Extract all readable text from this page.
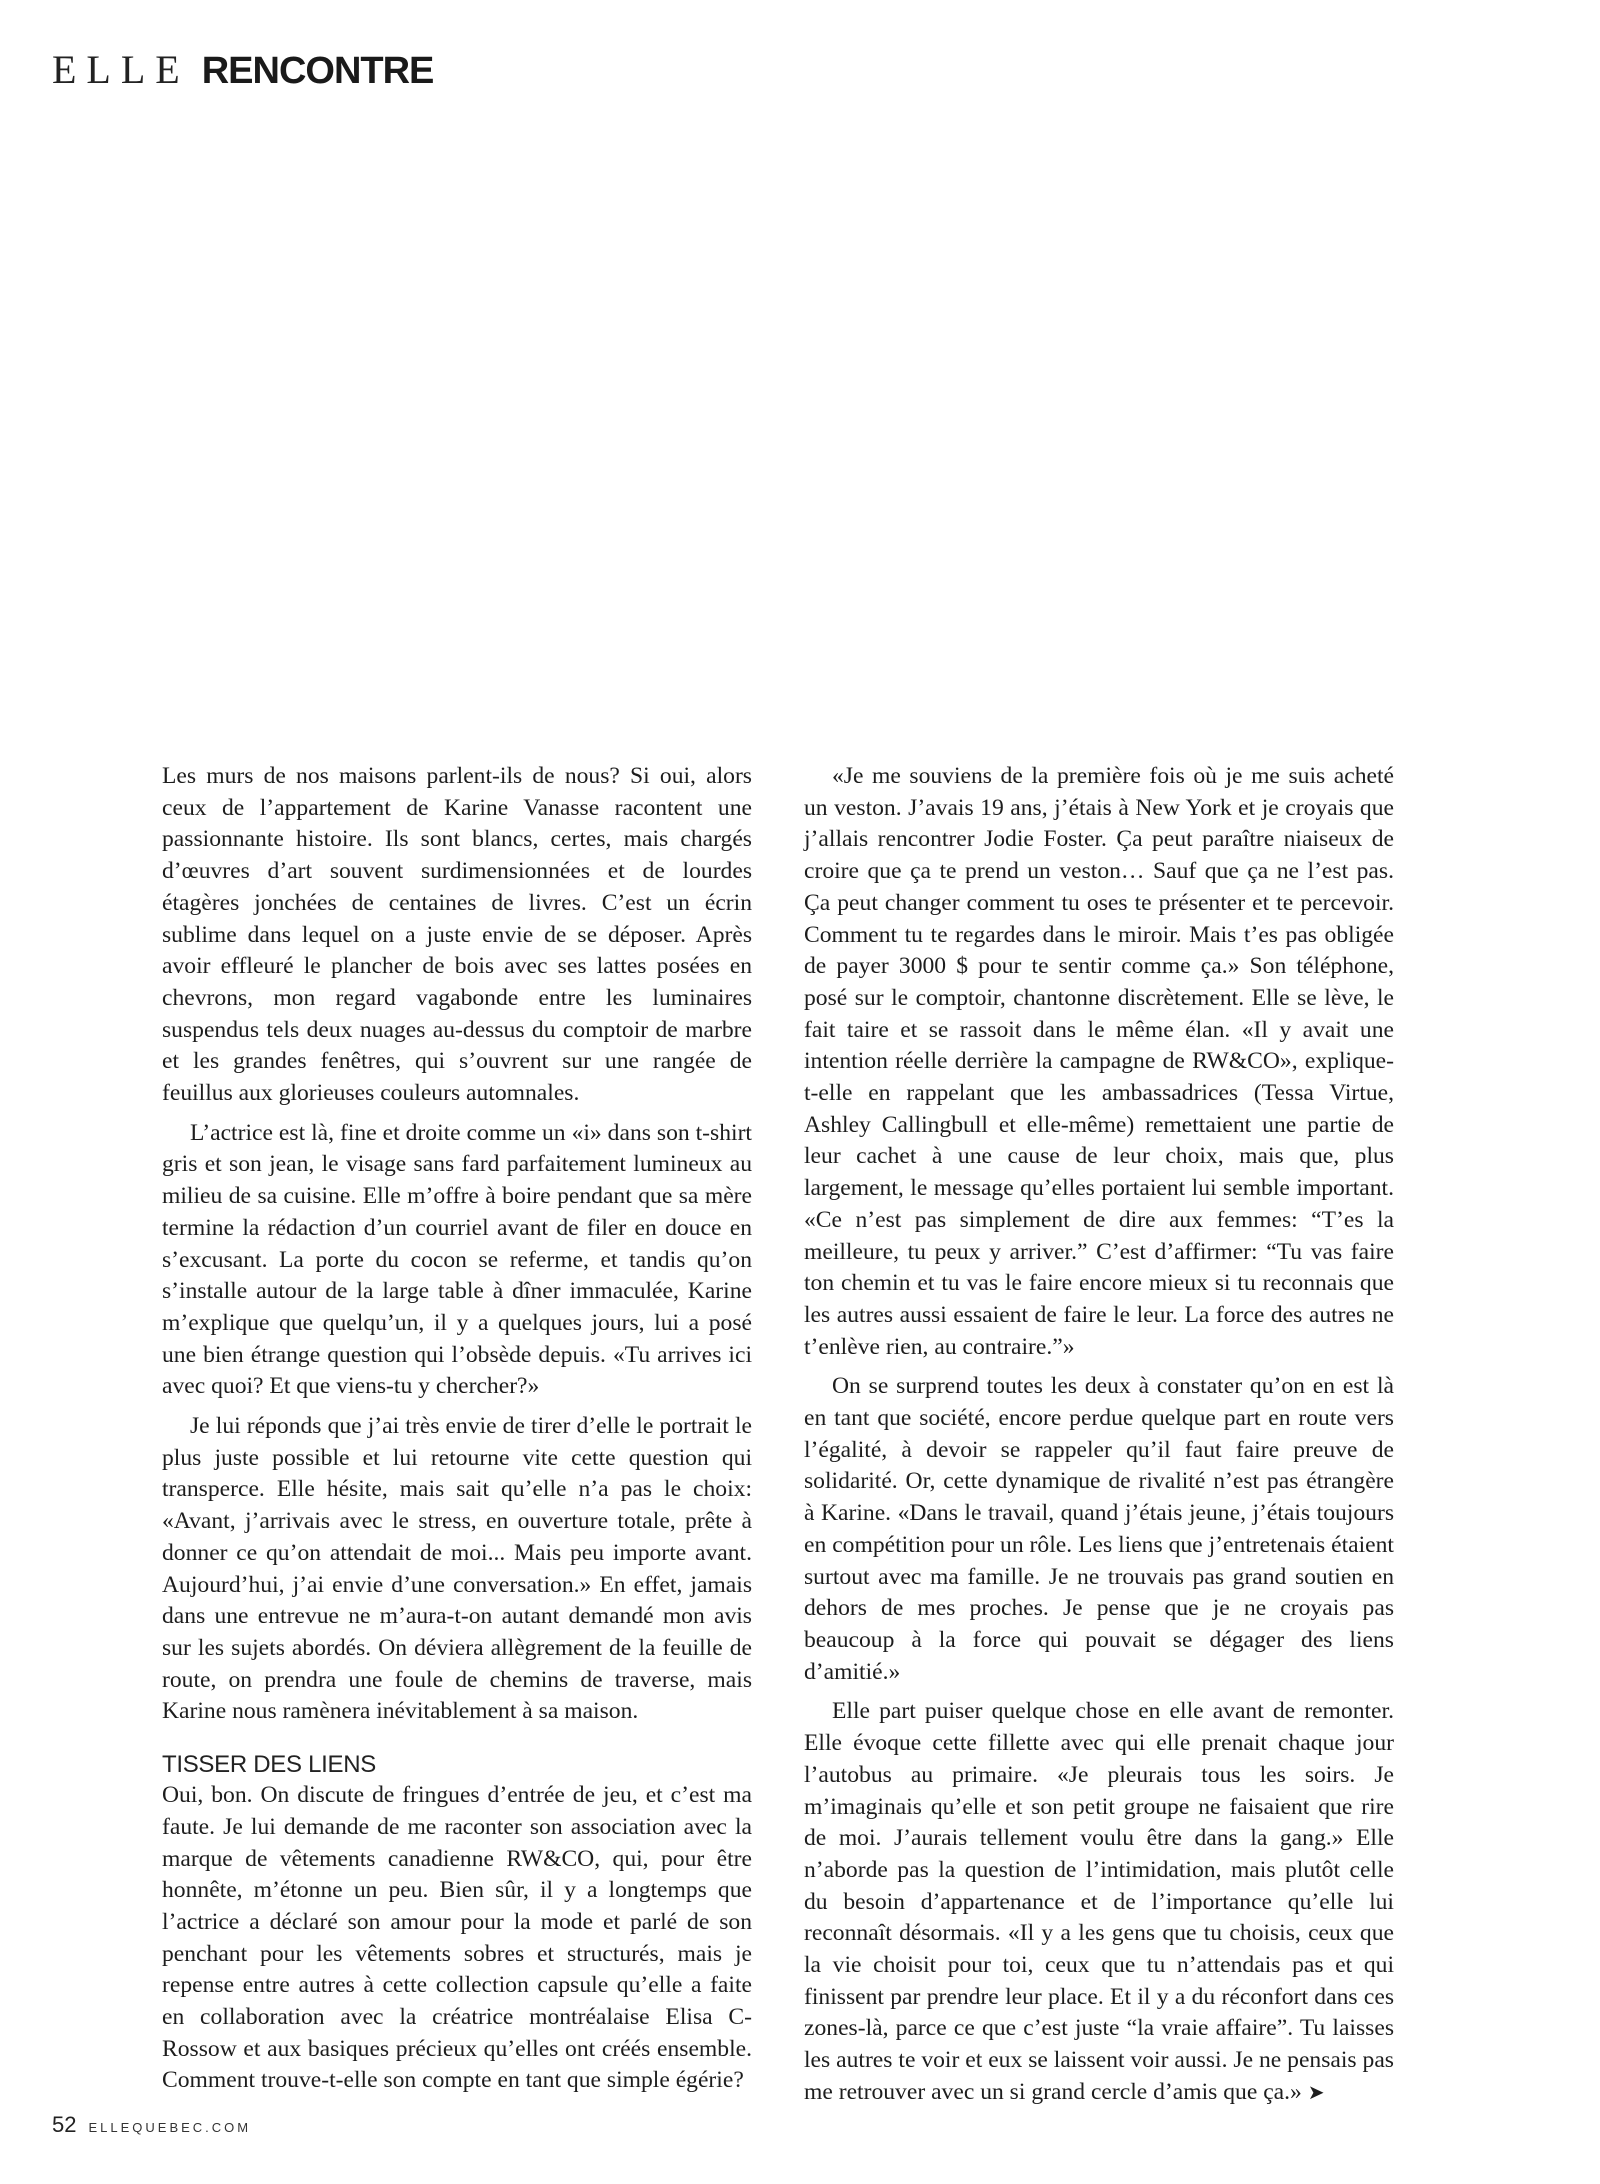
ELLE RENCONTRE

Les murs de nos maisons parlent-ils de nous? Si oui, alors ceux de l’appartement de Karine Vanasse racontent une passionnante histoire. Ils sont blancs, certes, mais chargés d’œuvres d’art souvent surdimensionnées et de lourdes étagères jonchées de centaines de livres. C’est un écrin sublime dans lequel on a juste envie de se déposer. Après avoir effleuré le plancher de bois avec ses lattes posées en chevrons, mon regard vagabonde entre les luminaires suspendus tels deux nuages au-dessus du comptoir de marbre et les grandes fenêtres, qui s’ouvrent sur une rangée de feuillus aux glorieuses couleurs automnales.

L’actrice est là, fine et droite comme un «i» dans son t-shirt gris et son jean, le visage sans fard parfaitement lumineux au milieu de sa cuisine. Elle m’offre à boire pendant que sa mère termine la rédaction d’un courriel avant de filer en douce en s’excusant. La porte du cocon se referme, et tandis qu’on s’installe autour de la large table à dîner immaculée, Karine m’explique que quelqu’un, il y a quelques jours, lui a posé une bien étrange question qui l’obsède depuis. «Tu arrives ici avec quoi? Et que viens-tu y chercher?»

Je lui réponds que j’ai très envie de tirer d’elle le portrait le plus juste possible et lui retourne vite cette question qui transperce. Elle hésite, mais sait qu’elle n’a pas le choix: «Avant, j’arrivais avec le stress, en ouverture totale, prête à donner ce qu’on attendait de moi... Mais peu importe avant. Aujourd’hui, j’ai envie d’une conversation.» En effet, jamais dans une entrevue ne m’aura-t-on autant demandé mon avis sur les sujets abordés. On déviera allègrement de la feuille de route, on prendra une foule de chemins de traverse, mais Karine nous ramènera inévitablement à sa maison.

TISSER DES LIENS

Oui, bon. On discute de fringues d’entrée de jeu, et c’est ma faute. Je lui demande de me raconter son association avec la marque de vêtements canadienne RW&CO, qui, pour être honnête, m’étonne un peu. Bien sûr, il y a longtemps que l’actrice a déclaré son amour pour la mode et parlé de son penchant pour les vêtements sobres et structurés, mais je repense entre autres à cette collection capsule qu’elle a faite en collaboration avec la créatrice montréalaise Elisa C-Rossow et aux basiques précieux qu’elles ont créés ensemble. Comment trouve-t-elle son compte en tant que simple égérie?

«Je me souviens de la première fois où je me suis acheté un veston. J’avais 19 ans, j’étais à New York et je croyais que j’allais rencontrer Jodie Foster. Ça peut paraître niaiseux de croire que ça te prend un veston… Sauf que ça ne l’est pas. Ça peut changer comment tu oses te présenter et te percevoir. Comment tu te regardes dans le miroir. Mais t’es pas obligée de payer 3000 $ pour te sentir comme ça.» Son téléphone, posé sur le comptoir, chantonne discrètement. Elle se lève, le fait taire et se rassoit dans le même élan. «Il y avait une intention réelle derrière la campagne de RW&CO», explique-t-elle en rappelant que les ambassadrices (Tessa Virtue, Ashley Callingbull et elle-même) remettaient une partie de leur cachet à une cause de leur choix, mais que, plus largement, le message qu’elles portaient lui semble important. «Ce n’est pas simplement de dire aux femmes: “T’es la meilleure, tu peux y arriver.” C’est d’affirmer: “Tu vas faire ton chemin et tu vas le faire encore mieux si tu reconnais que les autres aussi essaient de faire le leur. La force des autres ne t’enlève rien, au contraire.”»

On se surprend toutes les deux à constater qu’on en est là en tant que société, encore perdue quelque part en route vers l’égalité, à devoir se rappeler qu’il faut faire preuve de solidarité. Or, cette dynamique de rivalité n’est pas étrangère à Karine. «Dans le travail, quand j’étais jeune, j’étais toujours en compétition pour un rôle. Les liens que j’entretenais étaient surtout avec ma famille. Je ne trouvais pas grand soutien en dehors de mes proches. Je pense que je ne croyais pas beaucoup à la force qui pouvait se dégager des liens d’amitié.»

Elle part puiser quelque chose en elle avant de remonter. Elle évoque cette fillette avec qui elle prenait chaque jour l’autobus au primaire. «Je pleurais tous les soirs. Je m’imaginais qu’elle et son petit groupe ne faisaient que rire de moi. J’aurais tellement voulu être dans la gang.» Elle n’aborde pas la question de l’intimidation, mais plutôt celle du besoin d’appartenance et de l’importance qu’elle lui reconnaît désormais. «Il y a les gens que tu choisis, ceux que la vie choisit pour toi, ceux que tu n’attendais pas et qui finissent par prendre leur place. Et il y a du réconfort dans ces zones-là, parce ce que c’est juste “la vraie affaire”. Tu laisses les autres te voir et eux se laissent voir aussi. Je ne pensais pas me retrouver avec un si grand cercle d’amis que ça.» ➤

52 ELLEQUEBEC.COM
